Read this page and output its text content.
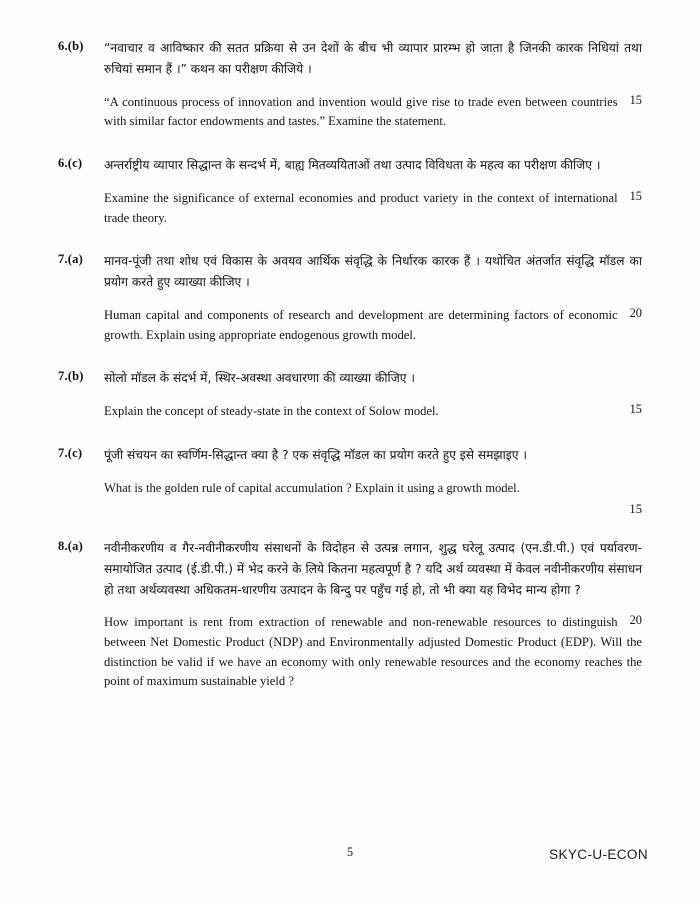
6.(b)	“नवाचार व आविष्कार की सतत प्रक्रिया से उन देशों के बीच भी व्यापार प्रारम्भ हो जाता है जिनकी कारक निधियां तथा रुचियां समान हैं ।” कथन का परीक्षण कीजिये ।

15

“A continuous process of innovation and invention would give rise to trade even between countries with similar factor endowments and tastes.” Examine the statement.

6.(c)	अन्तर्राष्ट्रीय व्यापार सिद्धान्त के सन्दर्भ में, बाह्य मितव्ययिताओं तथा उत्पाद विविधता के महत्व का परीक्षण कीजिए ।

15

Examine the significance of external economies and product variety in the context of international trade theory.

7.(a)	मानव-पूंजी तथा शोध एवं विकास के अवयव आर्थिक संवृद्धि के निर्धारक कारक हैं । यथोचित अंतर्जात संवृद्धि मॉडल का प्रयोग करते हुए व्याख्या कीजिए ।

20

Human capital and components of research and development are determining factors of economic growth. Explain using appropriate endogenous growth model.

7.(b)	सोलो मॉडल के संदर्भ में, स्थिर-अवस्था अवधारणा की व्याख्या कीजिए ।

15

Explain the concept of steady-state in the context of Solow model.

7.(c)	पूंजी संचयन का स्वर्णिम-सिद्धान्त क्या है ? एक संवृद्धि मॉडल का प्रयोग करते हुए इसे समझाइए ।

What is the golden rule of capital accumulation ? Explain it using a growth model.

15

8.(a)	नवीनीकरणीय व गैर-नवीनीकरणीय संसाधनों के विदोहन से उत्पन्न लगान, शुद्ध घरेलू उत्पाद (एन.डी.पी.) एवं पर्यावरण-समायोजित उत्पाद (ई.डी.पी.) में भेद करने के लिये कितना महत्वपूर्ण है ? यदि अर्थ व्यवस्था में केवल नवीनीकरणीय संसाधन हो तथा अर्थव्यवस्था अधिकतम-धारणीय उत्पादन के बिन्दु पर पहुँच गई हो, तो भी क्या यह विभेद मान्य होगा ?

20

How important is rent from extraction of renewable and non-renewable resources to distinguish between Net Domestic Product (NDP) and Environmentally adjusted Domestic Product (EDP). Will the distinction be valid if we have an economy with only renewable resources and the economy reaches the point of maximum sustainable yield ?

5	SKYC-U-ECON
